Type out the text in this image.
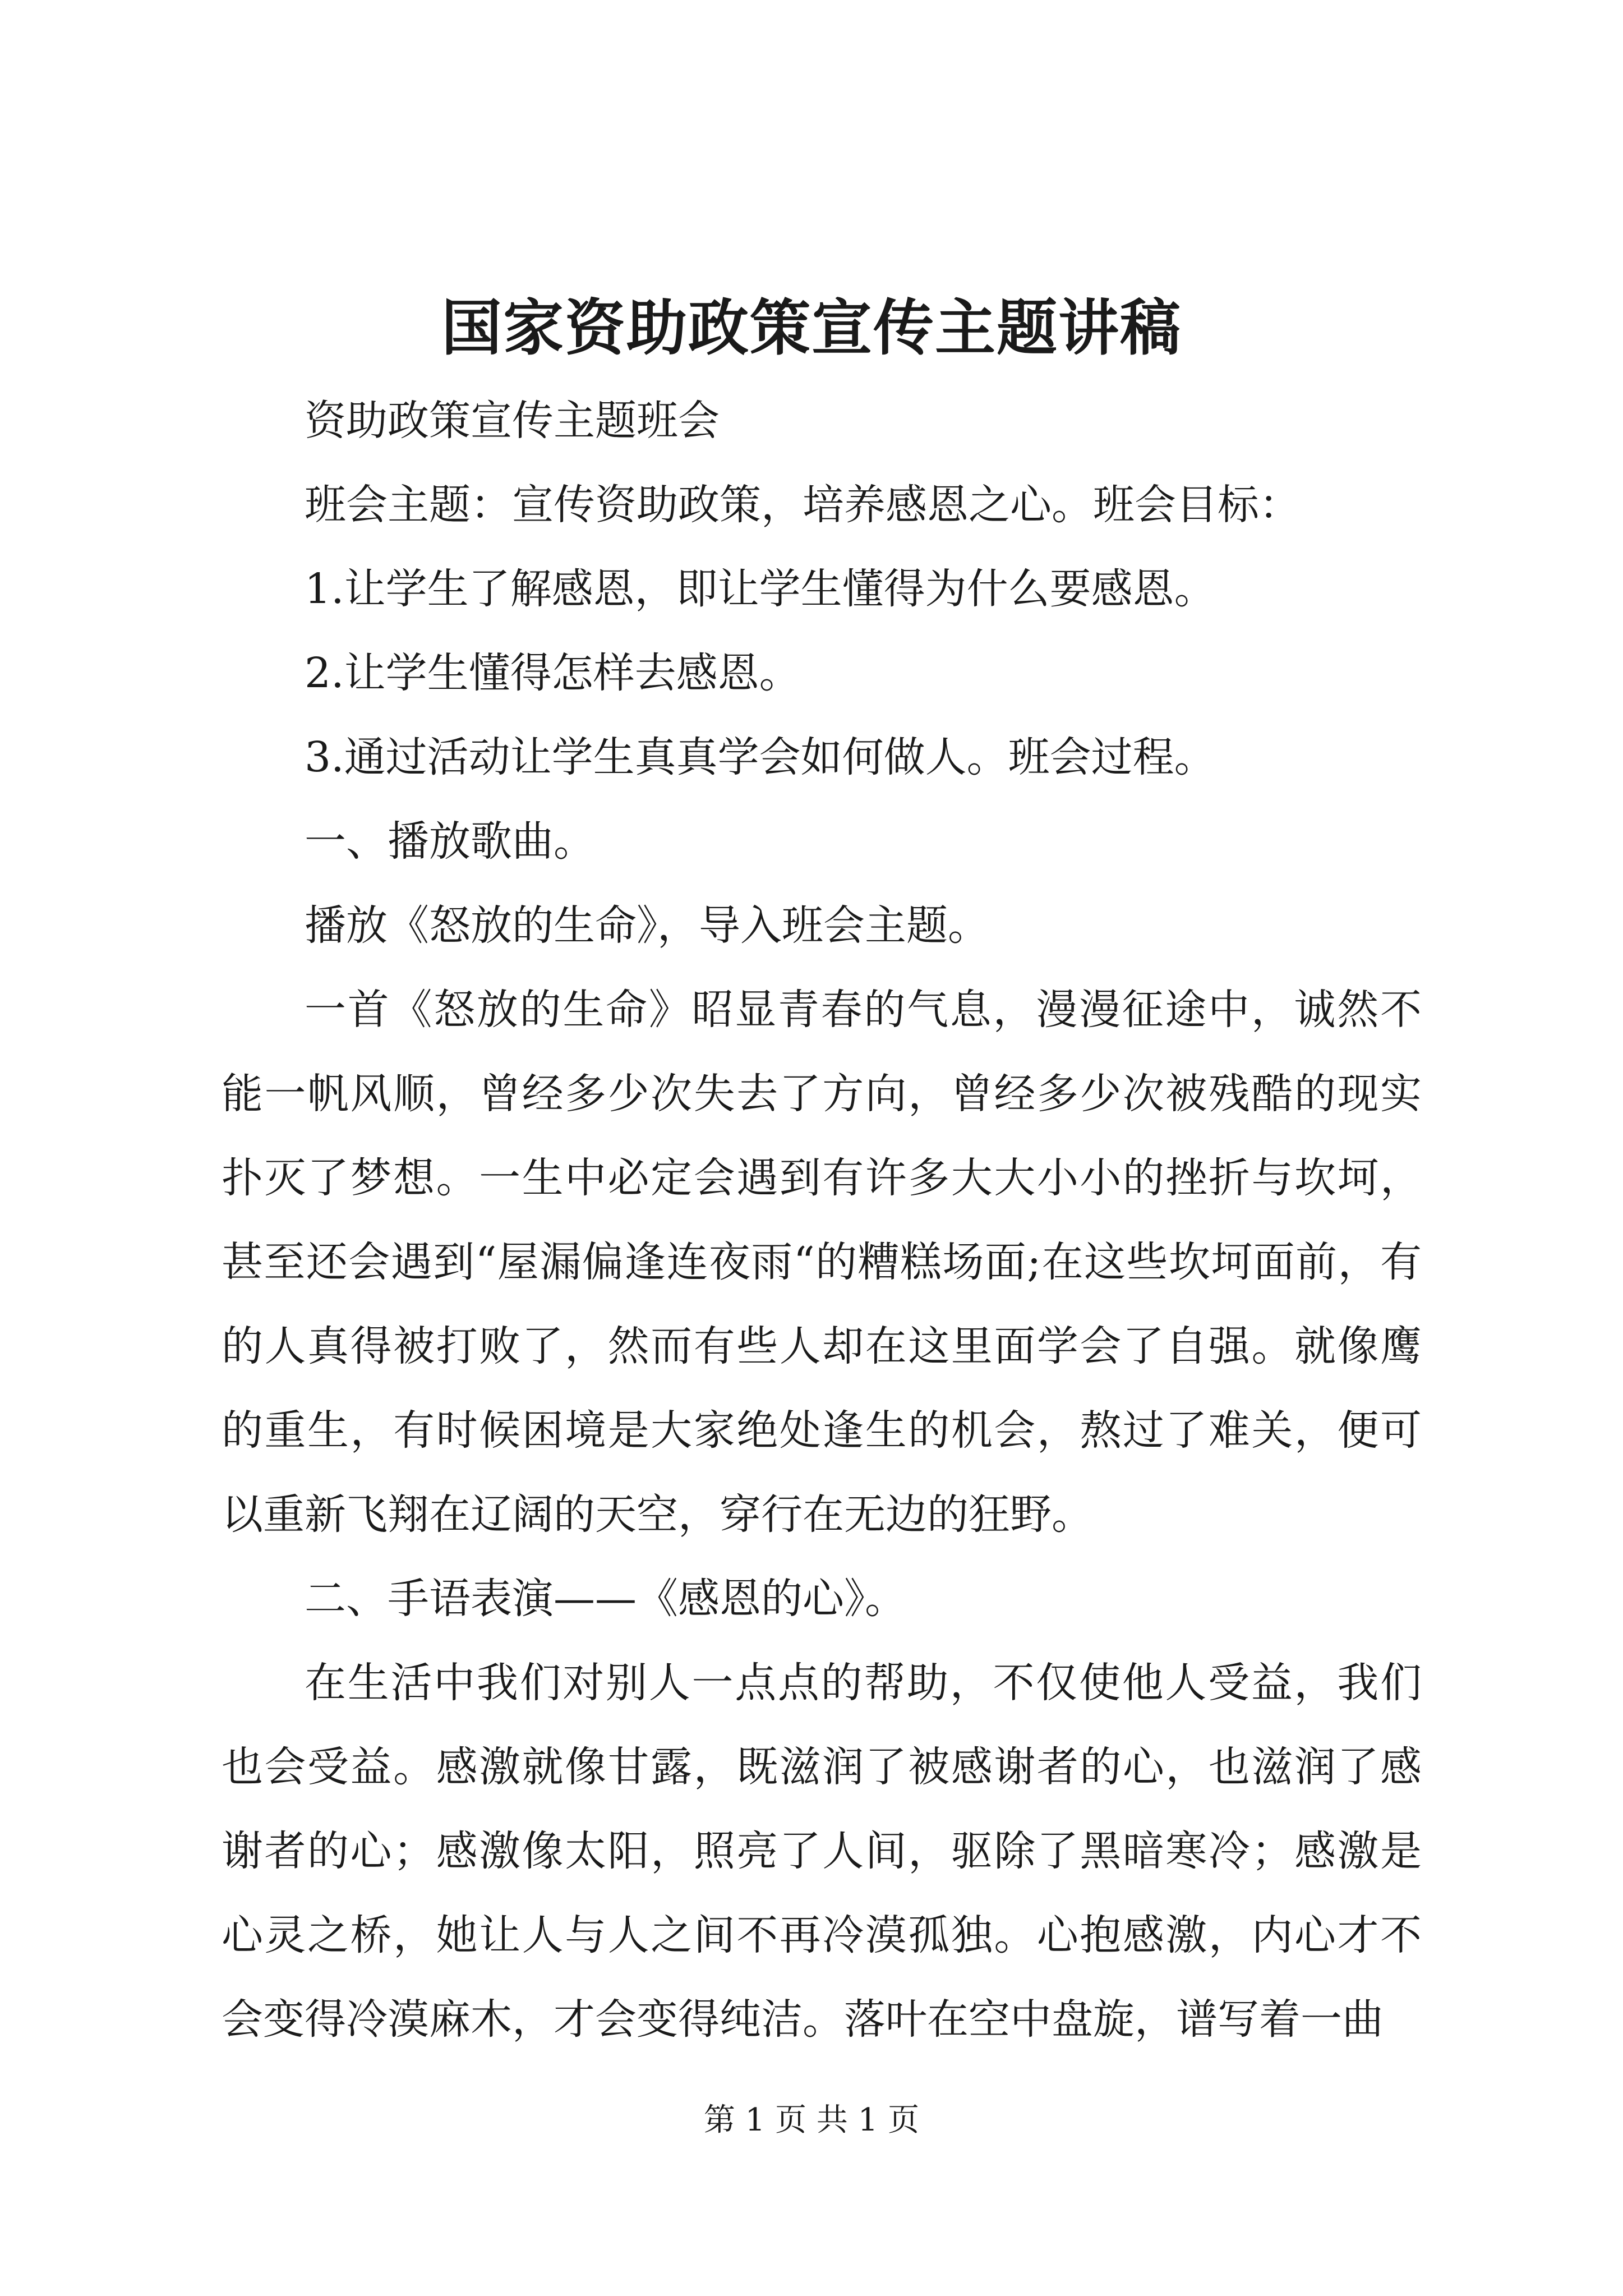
国家资助政策宣传主题讲稿

资助政策宣传主题班会

班会主题：宣传资助政策，培养感恩之心。班会目标：

1.让学生了解感恩，即让学生懂得为什么要感恩。

2.让学生懂得怎样去感恩。

3.通过活动让学生真真学会如何做人。班会过程。

一、播放歌曲。

播放《怒放的生命》，导入班会主题。

一首《怒放的生命》昭显青春的气息，漫漫征途中，诚然不能一帆风顺，曾经多少次失去了方向，曾经多少次被残酷的现实扑灭了梦想。一生中必定会遇到有许多大大小小的挫折与坎坷，甚至还会遇到“屋漏偏逢连夜雨“的糟糕场面;在这些坎坷面前，有的人真得被打败了，然而有些人却在这里面学会了自强。就像鹰的重生，有时候困境是大家绝处逢生的机会，熬过了难关，便可以重新飞翔在辽阔的天空，穿行在无边的狂野。

二、手语表演——《感恩的心》。

在生活中我们对别人一点点的帮助，不仅使他人受益，我们也会受益。感激就像甘露，既滋润了被感谢者的心，也滋润了感谢者的心；感激像太阳，照亮了人间，驱除了黑暗寒冷；感激是心灵之桥，她让人与人之间不再冷漠孤独。心抱感激，内心才不会变得冷漠麻木，才会变得纯洁。落叶在空中盘旋，谱写着一曲

第 1 页 共 1 页
